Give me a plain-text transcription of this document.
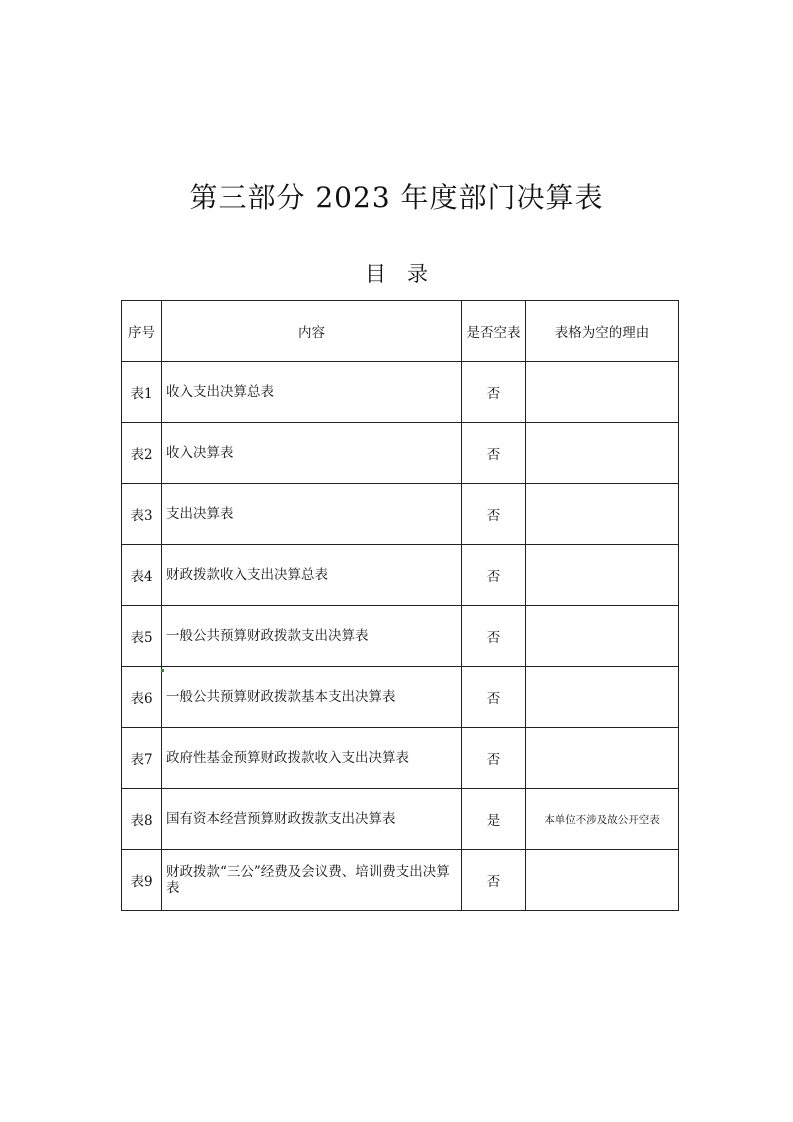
第三部分 2023 年度部门决算表
目　录
序号	内容	是否空表	表格为空的理由
表1	收入支出决算总表	否	
表2	收入决算表	否	
表3	支出决算表	否	
表4	财政拨款收入支出决算总表	否	
表5	一般公共预算财政拨款支出决算表	否	
表6	一般公共预算财政拨款基本支出决算表	否	
表7	政府性基金预算财政拨款收入支出决算表	否	
表8	国有资本经营预算财政拨款支出决算表	是	本单位不涉及故公开空表
表9	财政拨款“三公”经费及会议费、培训费支出决算表	否	
